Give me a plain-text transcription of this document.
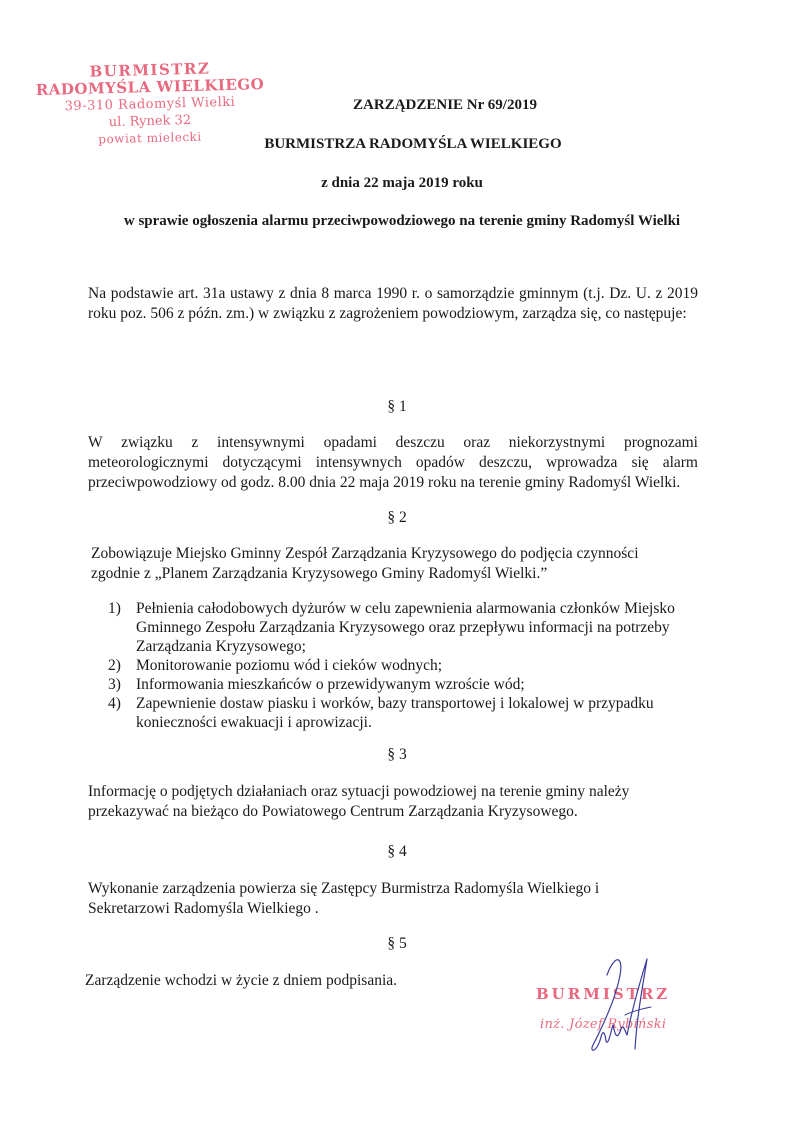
BURMISTRZ
RADOMYŚLA WIELKIEGO
39-310 Radomyśl Wielki
ul. Rynek 32
powiat mielecki
ZARZĄDZENIE Nr 69/2019
BURMISTRZA RADOMYŚLA WIELKIEGO
z dnia 22 maja 2019 roku
w sprawie ogłoszenia alarmu przeciwpowodziowego na terenie gminy Radomyśl Wielki
Na podstawie art. 31a ustawy z dnia 8 marca 1990 r. o samorządzie gminnym (t.j. Dz. U. z 2019 roku poz. 506 z późn. zm.) w związku z zagrożeniem powodziowym, zarządza się, co następuje:
§ 1
W związku z intensywnymi opadami deszczu oraz niekorzystnymi prognozami meteorologicznymi dotyczącymi intensywnych opadów deszczu, wprowadza się alarm przeciwpowodziowy od godz. 8.00 dnia 22 maja 2019 roku na terenie gminy Radomyśl Wielki.
§ 2
Zobowiązuje Miejsko Gminny Zespół Zarządzania Kryzysowego do podjęcia czynności zgodnie z „Planem Zarządzania Kryzysowego Gminy Radomyśl Wielki.”
1) Pełnienia całodobowych dyżurów w celu zapewnienia alarmowania członków Miejsko Gminnego Zespołu Zarządzania Kryzysowego oraz przepływu informacji na potrzeby Zarządzania Kryzysowego;
2) Monitorowanie poziomu wód i cieków wodnych;
3) Informowania mieszkańców o przewidywanym wzroście wód;
4) Zapewnienie dostaw piasku i worków, bazy transportowej i lokalowej w przypadku konieczności ewakuacji i aprowizacji.
§ 3
Informację o podjętych działaniach oraz sytuacji powodziowej na terenie gminy należy przekazywać na bieżąco do Powiatowego Centrum Zarządzania Kryzysowego.
§ 4
Wykonanie zarządzenia powierza się Zastępcy Burmistrza Radomyśla Wielkiego i Sekretarzowi Radomyśla Wielkiego .
§ 5
Zarządzenie wchodzi w życie z dniem podpisania.
BURMISTRZ
inż. Józef Rybiński
